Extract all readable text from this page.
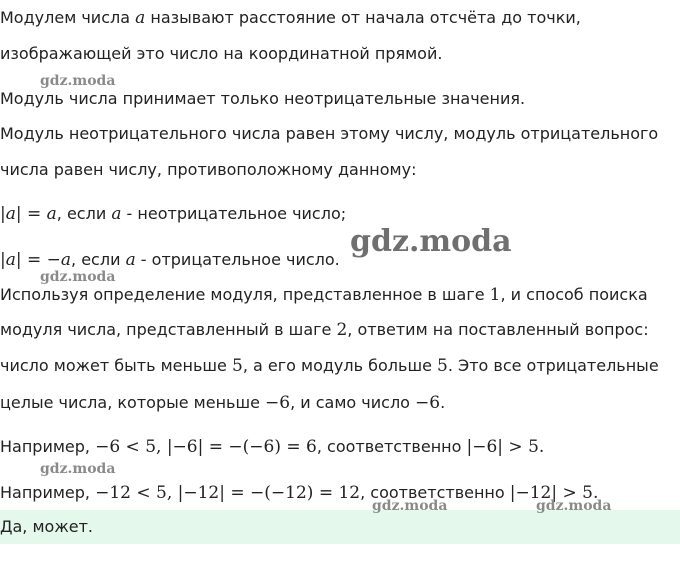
Модулем числа a называют расстояние от начала отсчёта до точки,
изображающей это число на координатной прямой.
Модуль числа принимает только неотрицательные значения.
Модуль неотрицательного числа равен этому числу, модуль отрицательного
числа равен числу, противоположному данному:
|a| = a, если a - неотрицательное число;
|a| = −a, если a - отрицательное число.
Используя определение модуля, представленное в шаге 1, и способ поиска
модуля числа, представленный в шаге 2, ответим на поставленный вопрос:
число может быть меньше 5, а его модуль больше 5. Это все отрицательные
целые числа, которые меньше −6, и само число −6.
Например, −6 < 5, |−6| = −(−6) = 6, соответственно |−6| > 5.
Например, −12 < 5, |−12| = −(−12) = 12, соответственно |−12| > 5.
Да, может.
gdz.moda
gdz.moda
gdz.moda
gdz.moda
gdz.moda	gdz.moda
